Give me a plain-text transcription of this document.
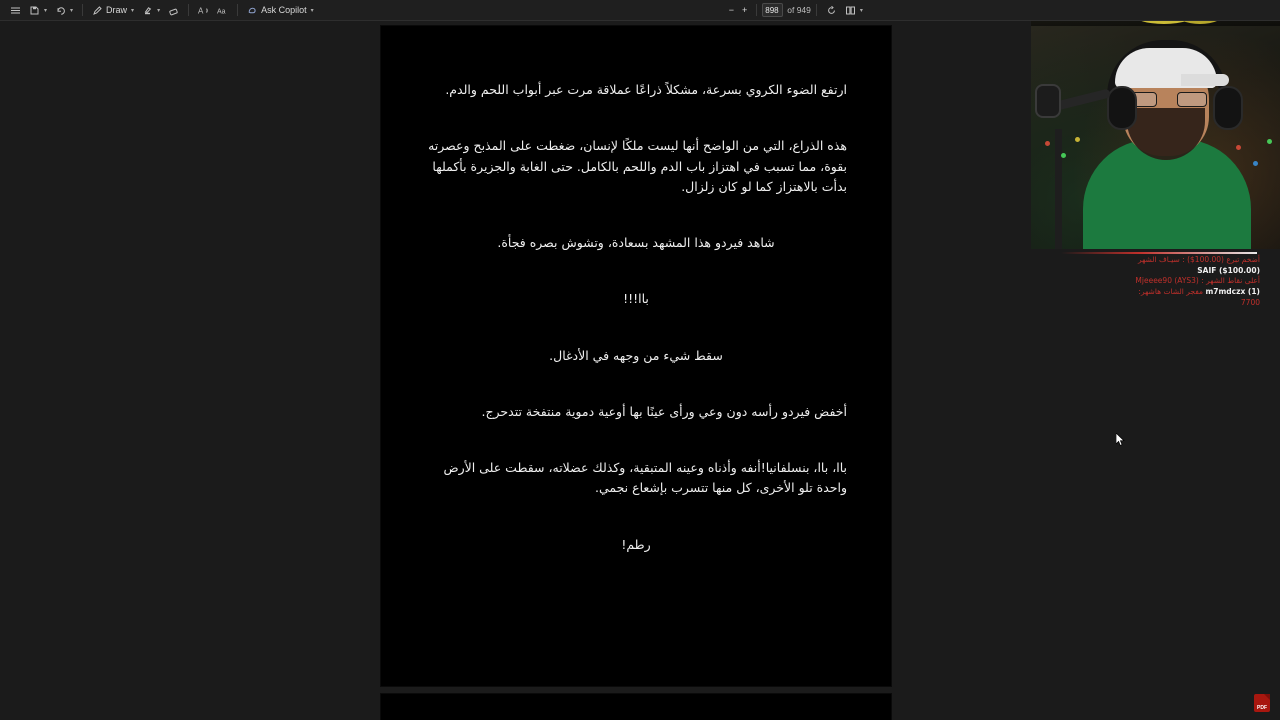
▾	▾	Draw ▾	▾	A Aa	Ask Copilot ▾	− +
898	of 949	▾

ارتفع الضوء الكروي بسرعة، مشكلاً ذراعًا عملاقة مرت عبر أبواب اللحم والدم.

هذه الذراع، التي من الواضح أنها ليست ملكًا لإنسان، ضغطت على المذبح وعصرته بقوة، مما تسبب في اهتزاز باب الدم واللحم بالكامل. حتى الغابة والجزيرة بأكملها بدأت بالاهتزاز كما لو كان زلزال.

شاهد فيردو هذا المشهد بسعادة، وتشوش بصره فجأة.

باا!!!

سقط شيء من وجهه في الأدغال.

أخفض فيردو رأسه دون وعي ورأى عينًا بها أوعية دموية منتفخة تتدحرج.

باا، باا، بنسلفانيا!أنفه وأذناه وعينه المتبقية، وكذلك عضلاته، سقطت على الأرض واحدة تلو الأخرى، كل منها تتسرب بإشعاع نجمي.

رطم!

أضخم تبرع (100.00$) : سيـاف الشهر
SAIF ($100.00)
أعلى نقاط الشهر : Mjeeee90 (AYS3)
m7mdczx (1) مفجر الشات هاشهر:
7700
PDF
